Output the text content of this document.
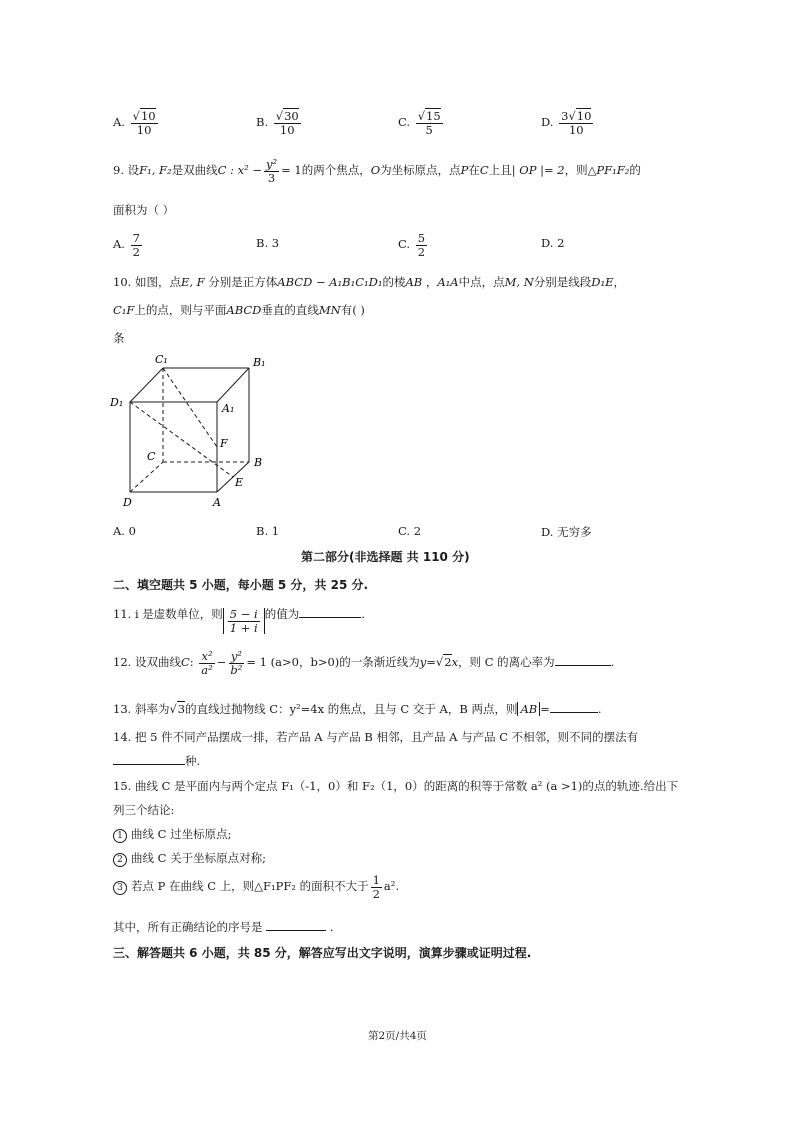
A. $\frac{√10}{10}$	B. $\frac{√30}{10}$	C. $\frac{√15}{5}$	D. $\frac{3√10}{10}$
9. 设F₁, F₂是双曲线C : $x^2 - \frac{\text{y²}}{3} = 1$的两个焦点，O为坐标原点，点P在C上且| OP |= 2，则△PF₁F₂的
面积为（ ）
A. $\frac{7}{2}$	B. 3	C. $\frac{5}{2}$	D. 2
10. 如图，点E, F 分别是正方体ABCD − A₁B₁C₁D₁的棱AB ，A₁A中点，点M, N分别是线段D₁E，
C₁F上的点，则与平面ABCD垂直的直线MN有( )
条
C₁	B₁
D₁	A₁
F
C	B
E
D	A
A. 0	B. 1	C. 2	D. 无穷多
第二部分(非选择题 共 110 分)
二、填空题共 5 小题，每小题 5 分，共 25 分.
11. i 是虚数单位，则 $\frac{5 - i}{1 + i}$ 的值为	.
12. 设双曲线C: $\frac{\text{x²}}{\text{a²}} - \frac{\text{y²}}{\text{b²}} = 1$ (a>0，b>0)的一条渐近线为y=√2x，则 C 的离心率为	.
13. 斜率为√3的直线过抛物线 C：y²=4x 的焦点，且与 C 交于 A，B 两点，则 AB =	.
14. 把 5 件不同产品摆成一排，若产品 A 与产品 B 相邻，且产品 A 与产品 C 不相邻，则不同的摆法有
种.
15. 曲线 C 是平面内与两个定点 F₁（-1，0）和 F₂（1，0）的距离的积等于常数 a² (a >1)的点的轨迹.给出下
列三个结论:
1 曲线 C 过坐标原点;
2 曲线 C 关于坐标原点对称;
3 若点 P 在曲线 C 上，则△F₁PF₂ 的面积不大于 $\frac{1}{2} a^2$.
其中，所有正确结论的序号是	.
三、解答题共 6 小题，共 85 分，解答应写出文字说明，演算步骤或证明过程.
第2页/共4页
